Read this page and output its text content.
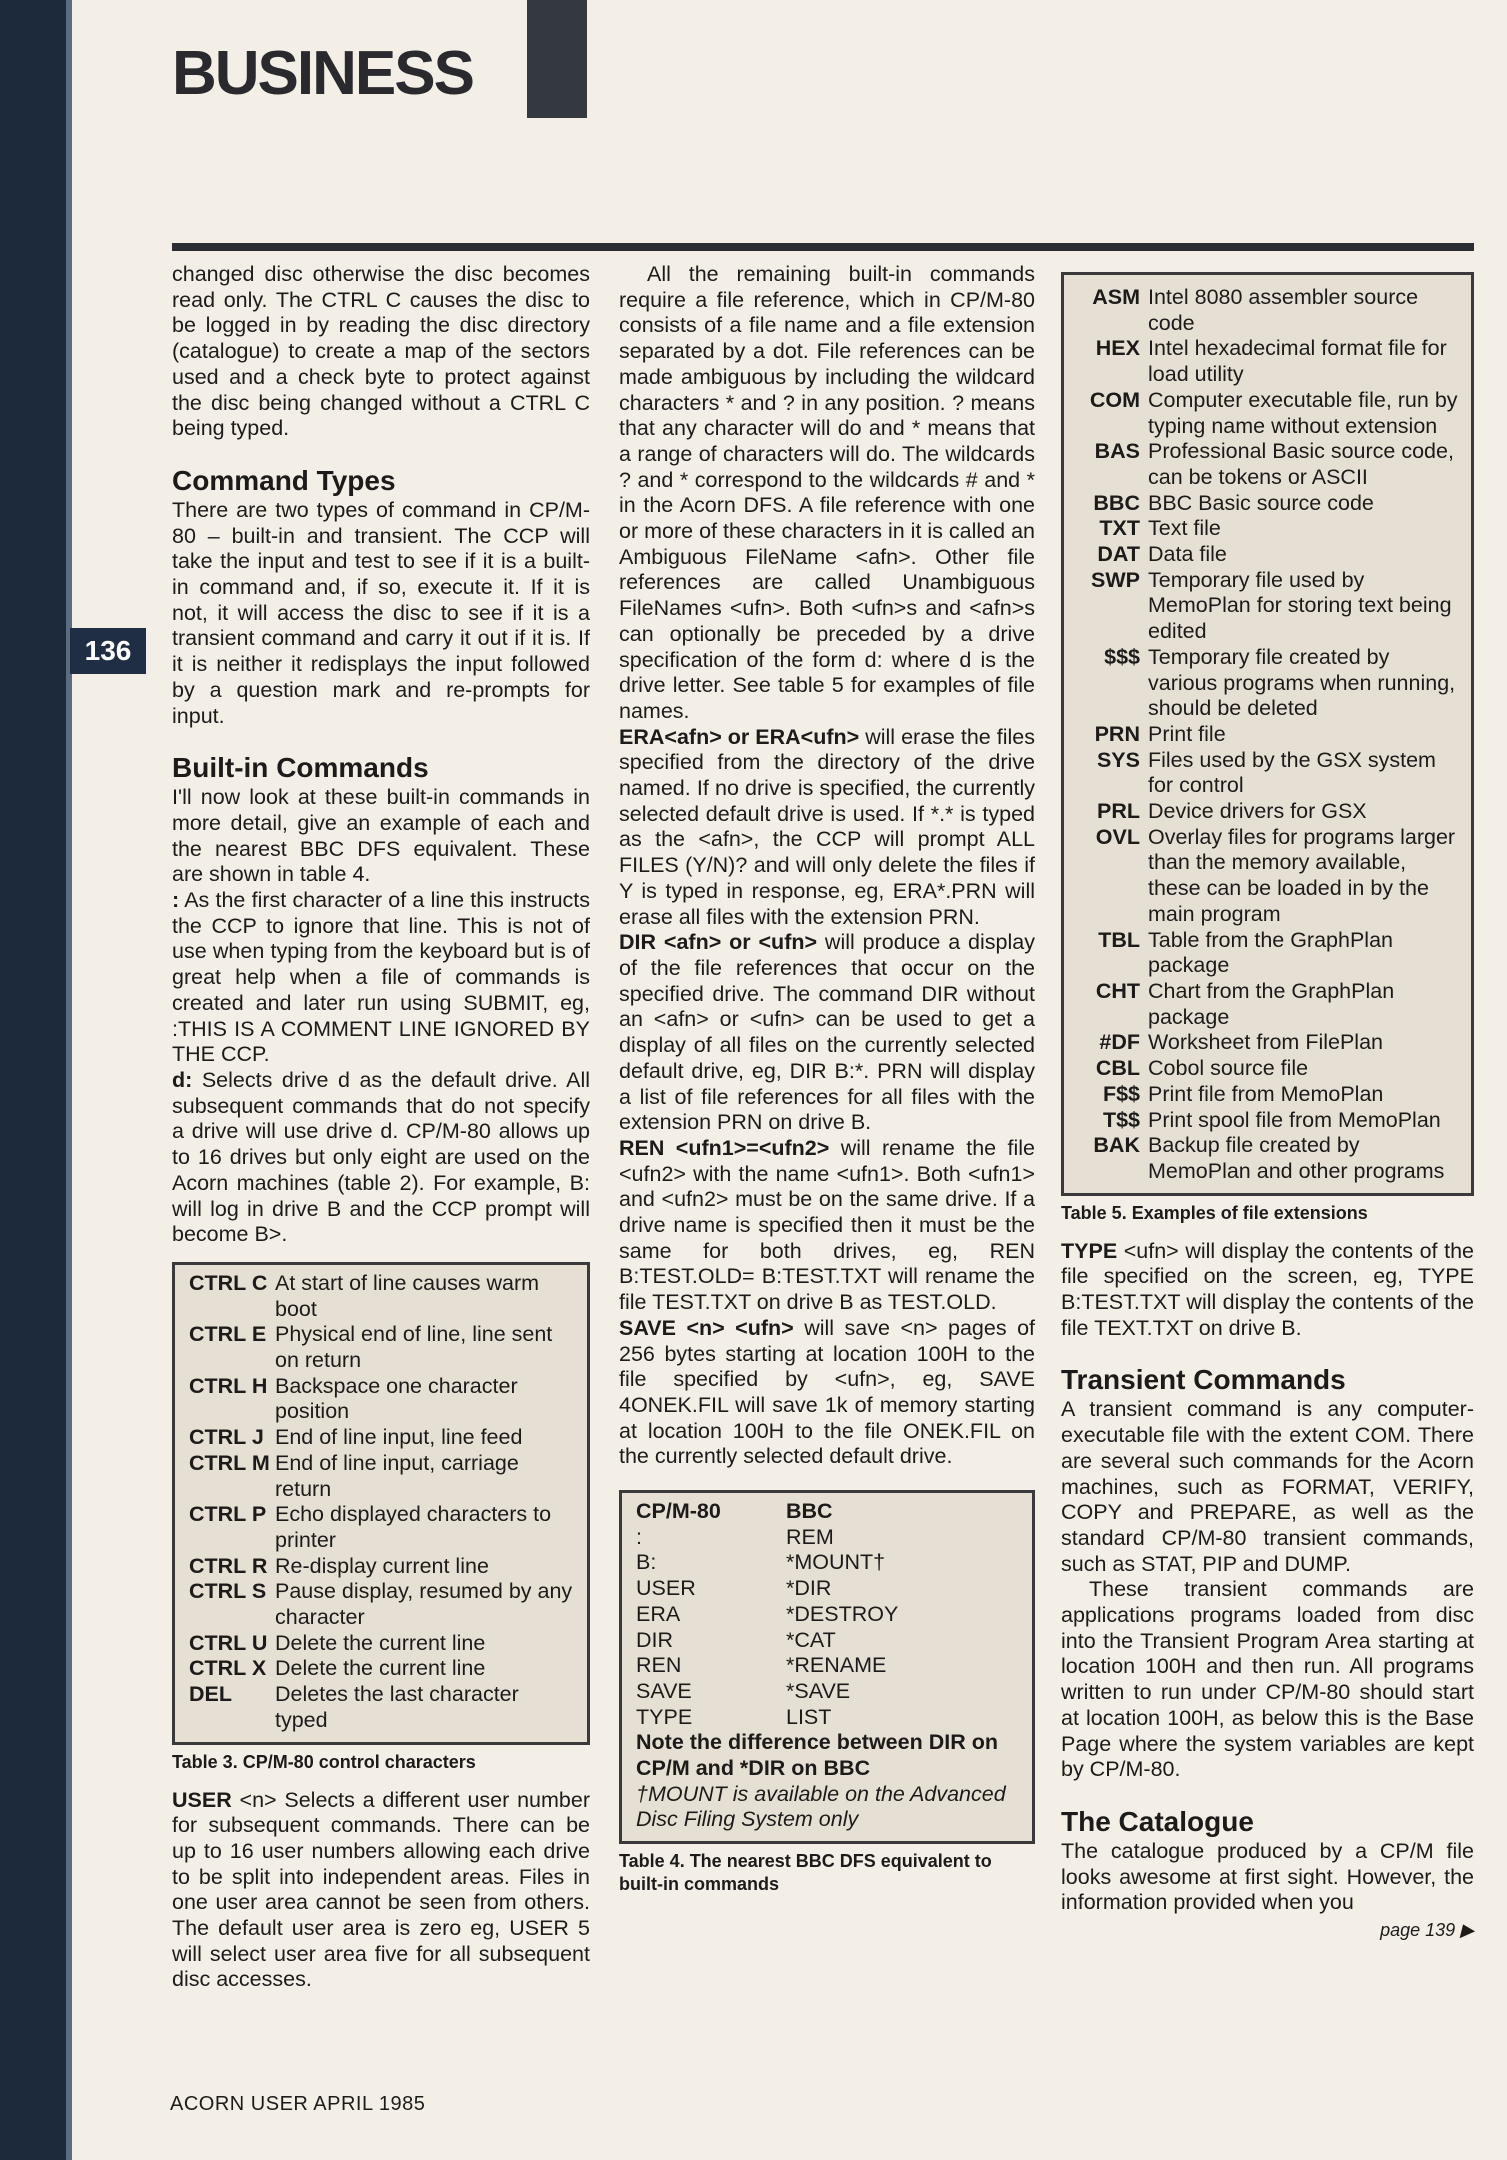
BUSINESS
136

changed disc otherwise the disc becomes read only. The CTRL C causes the disc to be logged in by reading the disc directory (catalogue) to create a map of the sectors used and a check byte to protect against the disc being changed without a CTRL C being typed.

Command Types

There are two types of command in CP/M-80 – built-in and transient. The CCP will take the input and test to see if it is a built-in command and, if so, execute it. If it is not, it will access the disc to see if it is a transient command and carry it out if it is. If it is neither it redisplays the input followed by a question mark and re-prompts for input.

Built-in Commands

I'll now look at these built-in commands in more detail, give an example of each and the nearest BBC DFS equivalent. These are shown in table 4.

: As the first character of a line this instructs the CCP to ignore that line. This is not of use when typing from the keyboard but is of great help when a file of commands is created and later run using SUBMIT, eg, :THIS IS A COMMENT LINE IGNORED BY THE CCP.

d: Selects drive d as the default drive. All subsequent commands that do not specify a drive will use drive d. CP/M-80 allows up to 16 drives but only eight are used on the Acorn machines (table 2). For example, B: will log in drive B and the CCP prompt will become B>.

CTRL C At start of line causes warm boot
CTRL E Physical end of line, line sent on return
CTRL H Backspace one character position
CTRL J End of line input, line feed
CTRL M End of line input, carriage return
CTRL P Echo displayed characters to printer
CTRL R Re-display current line
CTRL S Pause display, resumed by any character
CTRL U Delete the current line
CTRL X Delete the current line
DEL	Deletes the last character typed
Table 3. CP/M-80 control characters

USER <n> Selects a different user number for subsequent commands. There can be up to 16 user numbers allowing each drive to be split into independent areas. Files in one user area cannot be seen from others. The default user area is zero eg, USER 5 will select user area five for all subsequent disc accesses.

All the remaining built-in commands require a file reference, which in CP/M-80 consists of a file name and a file extension separated by a dot. File references can be made ambiguous by including the wildcard characters * and ? in any position. ? means that any character will do and * means that a range of characters will do. The wildcards ? and * correspond to the wildcards # and * in the Acorn DFS. A file reference with one or more of these characters in it is called an Ambiguous FileName <afn>. Other file references are called Unambiguous FileNames <ufn>. Both <ufn>s and <afn>s can optionally be preceded by a drive specification of the form d: where d is the drive letter. See table 5 for examples of file names.

ERA<afn> or ERA<ufn> will erase the files specified from the directory of the drive named. If no drive is specified, the currently selected default drive is used. If *.* is typed as the <afn>, the CCP will prompt ALL FILES (Y/N)? and will only delete the files if Y is typed in response, eg, ERA*.PRN will erase all files with the extension PRN.

DIR <afn> or <ufn> will produce a display of the file references that occur on the specified drive. The command DIR without an <afn> or <ufn> can be used to get a display of all files on the currently selected default drive, eg, DIR B:*. PRN will display a list of file references for all files with the extension PRN on drive B.

REN <ufn1>=<ufn2> will rename the file <ufn2> with the name <ufn1>. Both <ufn1> and <ufn2> must be on the same drive. If a drive name is specified then it must be the same for both drives, eg, REN B:TEST.OLD= B:TEST.TXT will rename the file TEST.TXT on drive B as TEST.OLD.

SAVE <n> <ufn> will save <n> pages of 256 bytes starting at location 100H to the file specified by <ufn>, eg, SAVE 4ONEK.FIL will save 1k of memory starting at location 100H to the file ONEK.FIL on the currently selected default drive.

CP/M-80	BBC
:	REM
B:	*MOUNT†
USER	*DIR
ERA	*DESTROY
DIR	*CAT
REN	*RENAME
SAVE	*SAVE
TYPE	LIST
Note the difference between DIR on CP/M and *DIR on BBC
†MOUNT is available on the Advanced Disc Filing System only
Table 4. The nearest BBC DFS equivalent to built-in commands
ASM Intel 8080 assembler source code
HEX Intel hexadecimal format file for load utility
COM Computer executable file, run by typing name without extension
BAS Professional Basic source code, can be tokens or ASCII
BBC BBC Basic source code
TXT Text file
DAT Data file
SWP Temporary file used by MemoPlan for storing text being edited
$$$ Temporary file created by various programs when running, should be deleted
PRN Print file
SYS Files used by the GSX system for control
PRL Device drivers for GSX
OVL Overlay files for programs larger than the memory available, these can be loaded in by the main program
TBL Table from the GraphPlan package
CHT Chart from the GraphPlan package
#DF Worksheet from FilePlan
CBL Cobol source file
F$$ Print file from MemoPlan
T$$ Print spool file from MemoPlan
BAK Backup file created by MemoPlan and other programs
Table 5. Examples of file extensions

TYPE <ufn> will display the contents of the file specified on the screen, eg, TYPE B:TEST.TXT will display the contents of the file TEXT.TXT on drive B.

Transient Commands

A transient command is any computer-executable file with the extent COM. There are several such commands for the Acorn machines, such as FORMAT, VERIFY, COPY and PREPARE, as well as the standard CP/M-80 transient commands, such as STAT, PIP and DUMP.

These transient commands are applications programs loaded from disc into the Transient Program Area starting at location 100H and then run. All programs written to run under CP/M-80 should start at location 100H, as below this is the Base Page where the system variables are kept by CP/M-80.

The Catalogue

The catalogue produced by a CP/M file looks awesome at first sight. However, the information provided when you

page 139 ▶
ACORN USER APRIL 1985
